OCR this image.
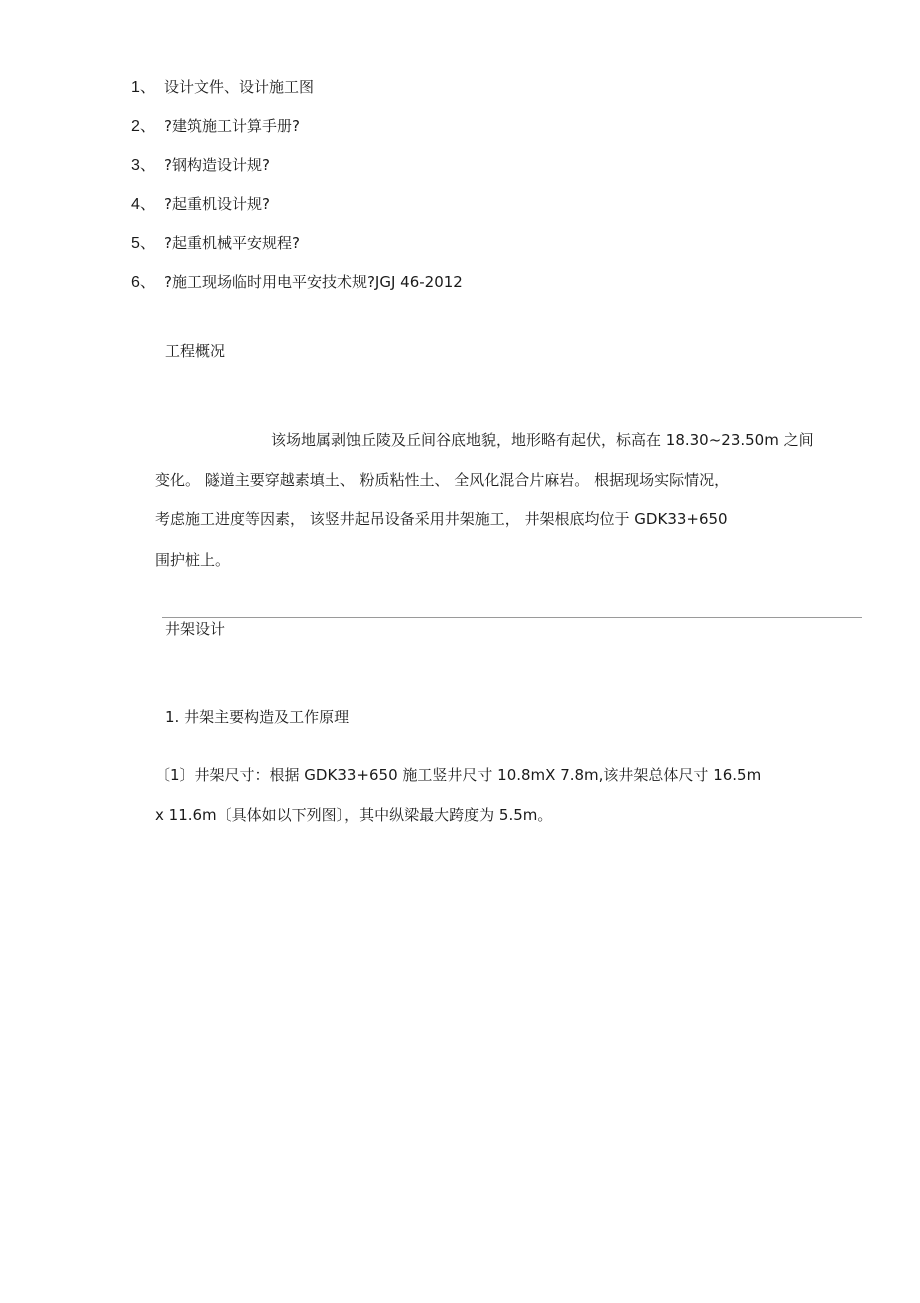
1、 设计文件、设计施工图
2、 ?建筑施工计算手册?
3、 ?钢构造设计规?
4、 ?起重机设计规?
5、 ?起重机械平安规程?
6、 ?施工现场临时用电平安技术规?JGJ 46-2012
工程概况
该场地属剥蚀丘陵及丘间谷底地貌，地形略有起伏，标高在 18.30~23.50m 之间
变化。 隧道主要穿越素填土、 粉质粘性土、 全风化混合片麻岩。 根据现场实际情况，
考虑施工进度等因素， 该竖井起吊设备采用井架施工， 井架根底均位于 GDK33+650
围护桩上。
井架设计
1. 井架主要构造及工作原理
〔1〕井架尺寸：根据 GDK33+650 施工竖井尺寸 10.8mX 7.8m,该井架总体尺寸 16.5m
x 11.6m〔具体如以下列图〕，其中纵梁最大跨度为 5.5m。
